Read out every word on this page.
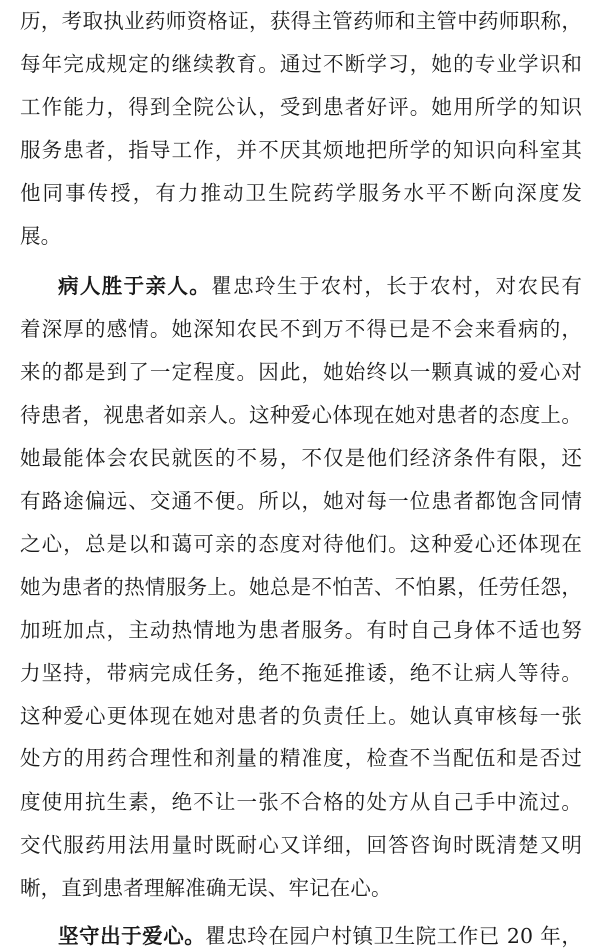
历，考取执业药师资格证，获得主管药师和主管中药师职称，
每年完成规定的继续教育。通过不断学习，她的专业学识和
工作能力，得到全院公认，受到患者好评。她用所学的知识
服务患者，指导工作，并不厌其烦地把所学的知识向科室其
他同事传授，有力推动卫生院药学服务水平不断向深度发
展。
病人胜于亲人。瞿忠玲生于农村，长于农村，对农民有
着深厚的感情。她深知农民不到万不得已是不会来看病的，
来的都是到了一定程度。因此，她始终以一颗真诚的爱心对
待患者，视患者如亲人。这种爱心体现在她对患者的态度上。
她最能体会农民就医的不易，不仅是他们经济条件有限，还
有路途偏远、交通不便。所以，她对每一位患者都饱含同情
之心，总是以和蔼可亲的态度对待他们。这种爱心还体现在
她为患者的热情服务上。她总是不怕苦、不怕累，任劳任怨，
加班加点，主动热情地为患者服务。有时自己身体不适也努
力坚持，带病完成任务，绝不拖延推诿，绝不让病人等待。
这种爱心更体现在她对患者的负责任上。她认真审核每一张
处方的用药合理性和剂量的精准度，检查不当配伍和是否过
度使用抗生素，绝不让一张不合格的处方从自己手中流过。
交代服药用法用量时既耐心又详细，回答咨询时既清楚又明
晰，直到患者理解准确无误、牢记在心。
坚守出于爱心。瞿忠玲在园户村镇卫生院工作已 20 年，
